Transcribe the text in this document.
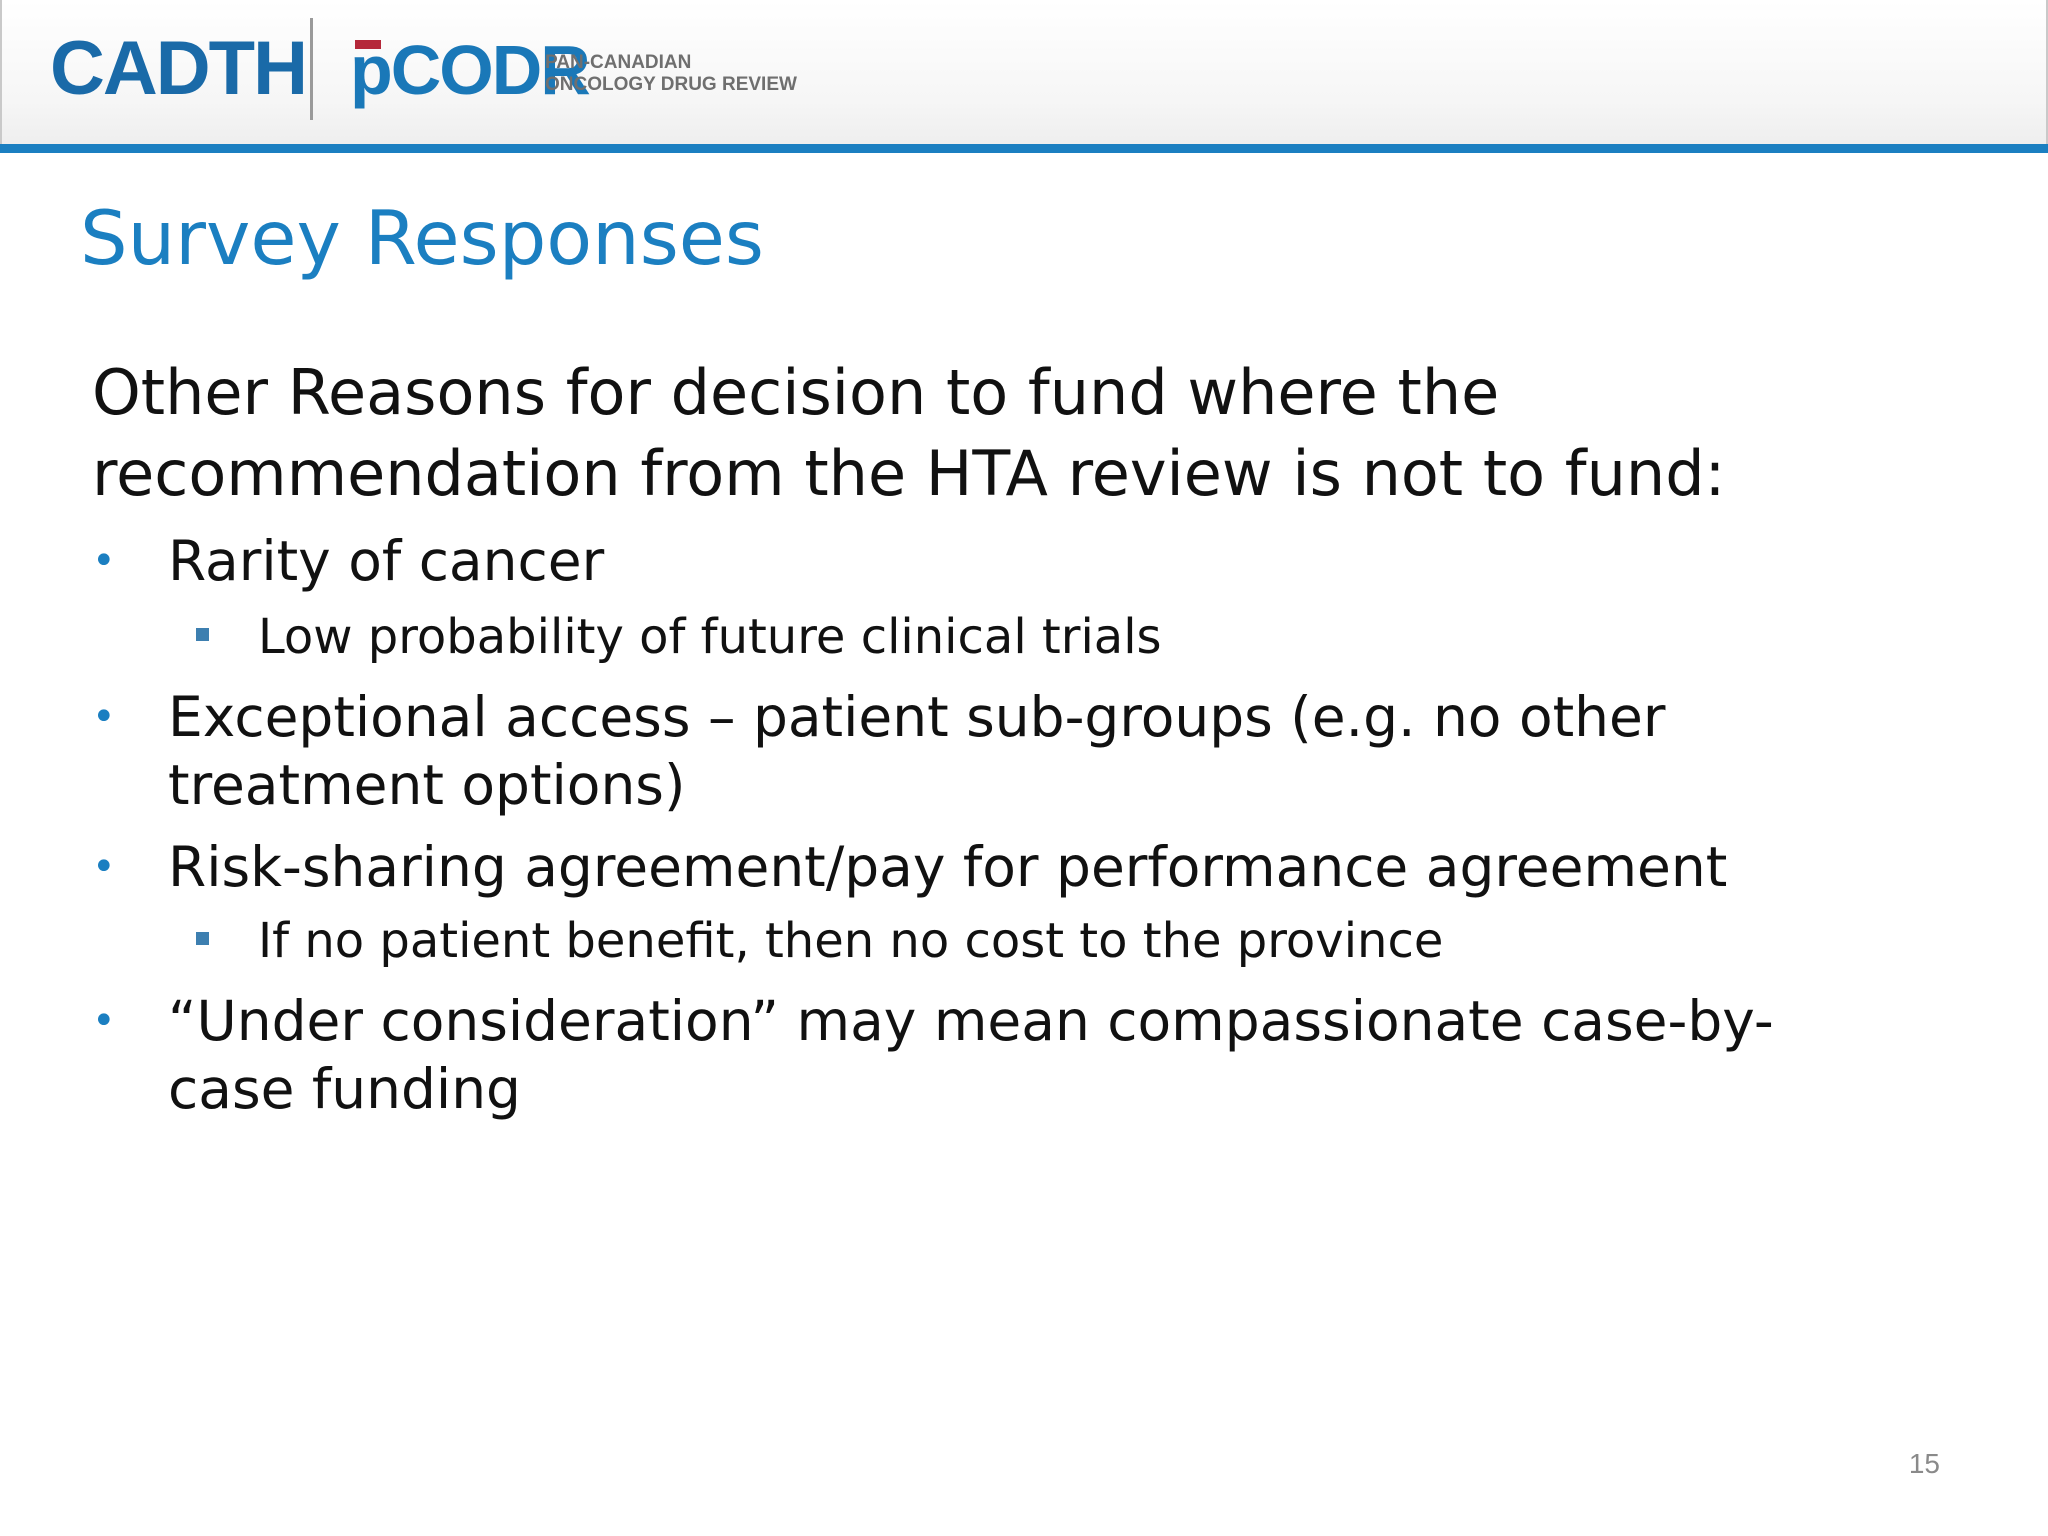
CADTH pCODR
PAN-CANADIAN
ONCOLOGY DRUG REVIEW
Survey Responses
Other Reasons for decision to fund where the recommendation from the HTA review is not to fund:
• Rarity of cancer
Low probability of future clinical trials
• Exceptional access – patient sub-groups (e.g. no other treatment options)
• Risk-sharing agreement/pay for performance agreement
If no patient benefit, then no cost to the province
• “Under consideration” may mean compassionate case-by-case funding
15
